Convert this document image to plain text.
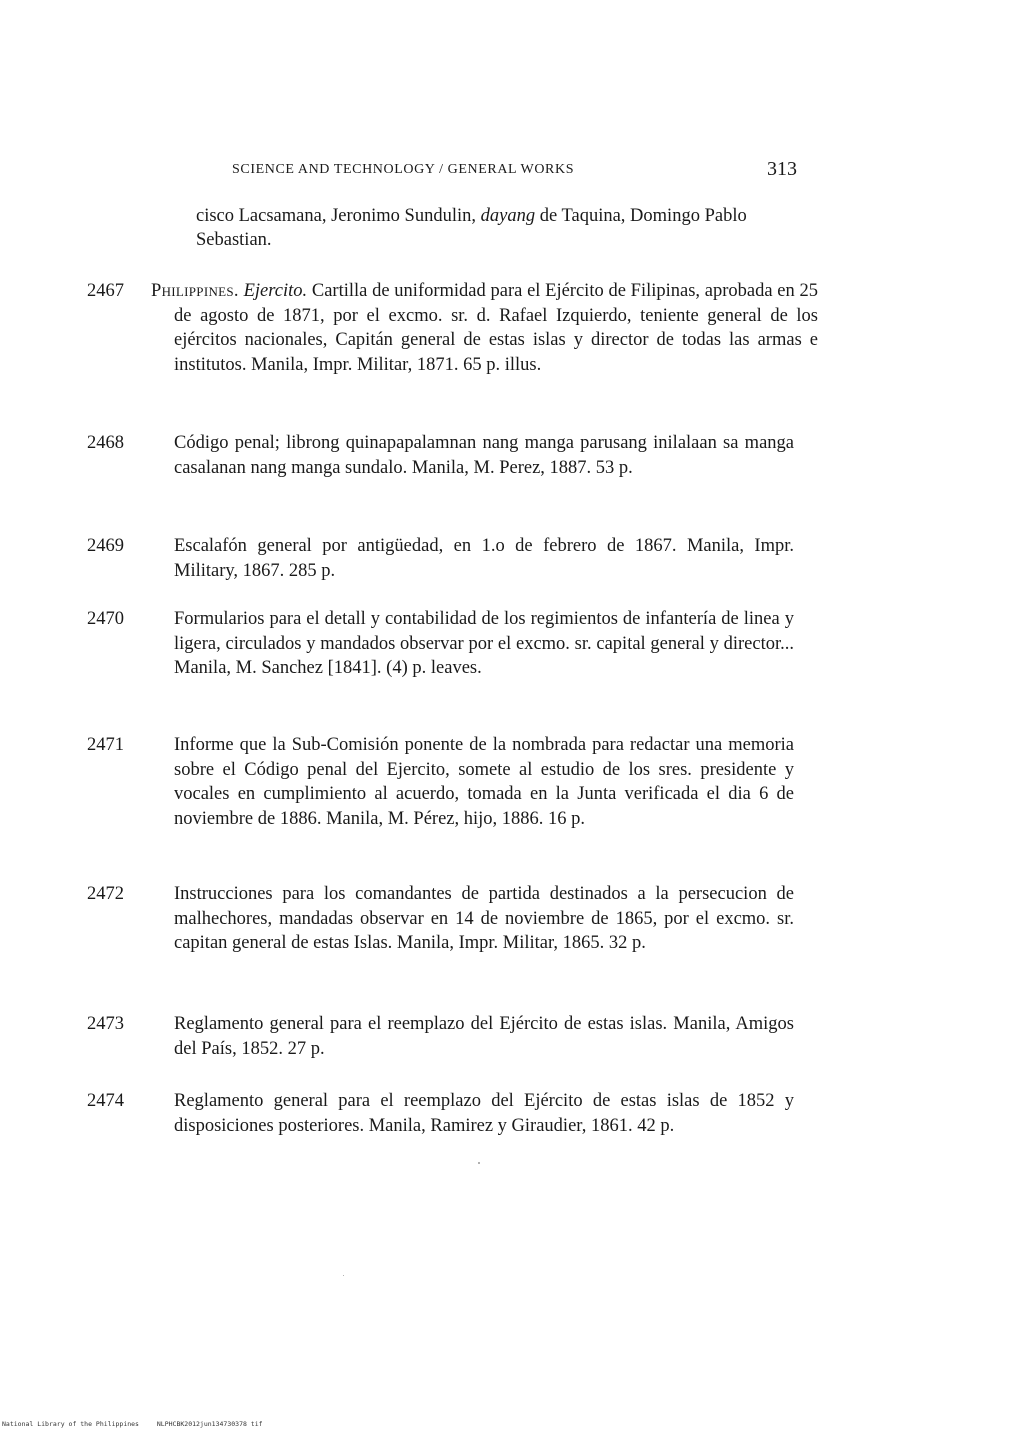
SCIENCE AND TECHNOLOGY / GENERAL WORKS	313
cisco Lacsamana, Jeronimo Sundulin, dayang de Taquina, Domingo Pablo Sebastian.
2467 Philippines. Ejercito. Cartilla de uniformidad para el Ejército de Filipinas, aprobada en 25 de agosto de 1871, por el excmo. sr. d. Rafael Izquierdo, teniente general de los ejércitos nacionales, Capitán general de estas islas y director de todas las armas e institutos. Manila, Impr. Militar, 1871. 65 p. illus.
2468	Código penal; librong quinapapalamnan nang manga parusang inilalaan sa manga casalanan nang manga sundalo. Manila, M. Perez, 1887. 53 p.
2469	Escalafón general por antigüedad, en 1.o de febrero de 1867. Manila, Impr. Military, 1867. 285 p.
2470	Formularios para el detall y contabilidad de los regimientos de infantería de linea y ligera, circulados y mandados observar por el excmo. sr. capital general y director... Manila, M. Sanchez [1841]. (4) p. leaves.
2471	Informe que la Sub-Comisión ponente de la nombrada para redactar una memoria sobre el Código penal del Ejercito, somete al estudio de los sres. presidente y vocales en cumplimiento al acuerdo, tomada en la Junta verificada el dia 6 de noviembre de 1886. Manila, M. Pérez, hijo, 1886. 16 p.
2472	Instrucciones para los comandantes de partida destinados a la persecucion de malhechores, mandadas observar en 14 de noviembre de 1865, por el excmo. sr. capitan general de estas Islas. Manila, Impr. Militar, 1865. 32 p.
2473	Reglamento general para el reemplazo del Ejército de estas islas. Manila, Amigos del País, 1852. 27 p.
2474	Reglamento general para el reemplazo del Ejército de estas islas de 1852 y disposiciones posteriores. Manila, Ramirez y Giraudier, 1861. 42 p.
National Library of the Philippines	NLPHCBK2012jun134730378 tif
